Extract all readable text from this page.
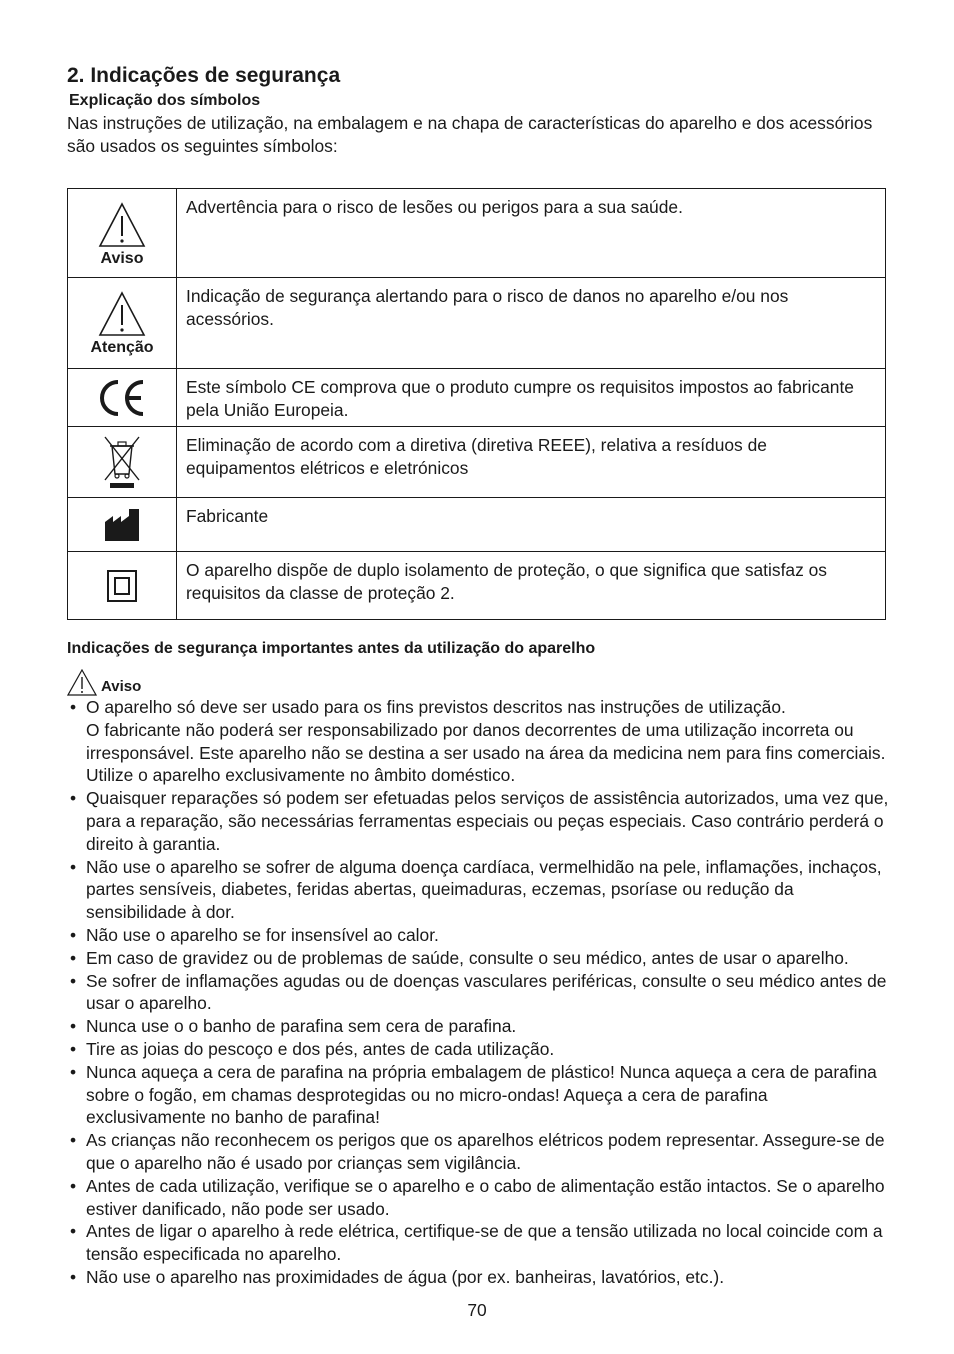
2. Indicações de segurança

Explicação dos símbolos

Nas instruções de utilização, na embalagem e na chapa de características do aparelho e dos acessórios são usados os seguintes símbolos:

Aviso	Advertência para o risco de lesões ou perigos para a sua saúde.

Atenção	Indicação de segurança alertando para o risco de danos no aparelho e/ou nos acessórios.

	Este símbolo CE comprova que o produto cumpre os requisitos impostos ao fabricante pela União Europeia.

	Eliminação de acordo com a diretiva (diretiva REEE), relativa a resíduos de equipamentos elétricos e eletrónicos

	Fabricante

	O aparelho dispõe de duplo isolamento de proteção, o que significa que satisfaz os requisitos da classe de proteção 2.

Indicações de segurança importantes antes da utilização do aparelho

Aviso
• O aparelho só deve ser usado para os fins previstos descritos nas instruções de utilização.
O fabricante não poderá ser responsabilizado por danos decorrentes de uma utilização incorreta ou irresponsável. Este aparelho não se destina a ser usado na área da medicina nem para fins comerciais. Utilize o aparelho exclusivamente no âmbito doméstico.
• Quaisquer reparações só podem ser efetuadas pelos serviços de assistência autorizados, uma vez que, para a reparação, são necessárias ferramentas especiais ou peças especiais. Caso contrário perderá o direito à garantia.
• Não use o aparelho se sofrer de alguma doença cardíaca, vermelhidão na pele, inflamações, inchaços, partes sensíveis, diabetes, feridas abertas, queimaduras, eczemas, psoríase ou redução da sensibilidade à dor.
• Não use o aparelho se for insensível ao calor.
• Em caso de gravidez ou de problemas de saúde, consulte o seu médico, antes de usar o aparelho.
• Se sofrer de inflamações agudas ou de doenças vasculares periféricas, consulte o seu médico antes de usar o aparelho.
• Nunca use o o banho de parafina sem cera de parafina.
• Tire as joias do pescoço e dos pés, antes de cada utilização.
• Nunca aqueça a cera de parafina na própria embalagem de plástico! Nunca aqueça a cera de parafina sobre o fogão, em chamas desprotegidas ou no micro-ondas! Aqueça a cera de parafina exclusivamente no banho de parafina!
• As crianças não reconhecem os perigos que os aparelhos elétricos podem representar. Assegure-se de que o aparelho não é usado por crianças sem vigilância.
• Antes de cada utilização, verifique se o aparelho e o cabo de alimentação estão intactos. Se o aparelho estiver danificado, não pode ser usado.
• Antes de ligar o aparelho à rede elétrica, certifique-se de que a tensão utilizada no local coincide com a tensão especificada no aparelho.
• Não use o aparelho nas proximidades de água (por ex. banheiras, lavatórios, etc.).
70
